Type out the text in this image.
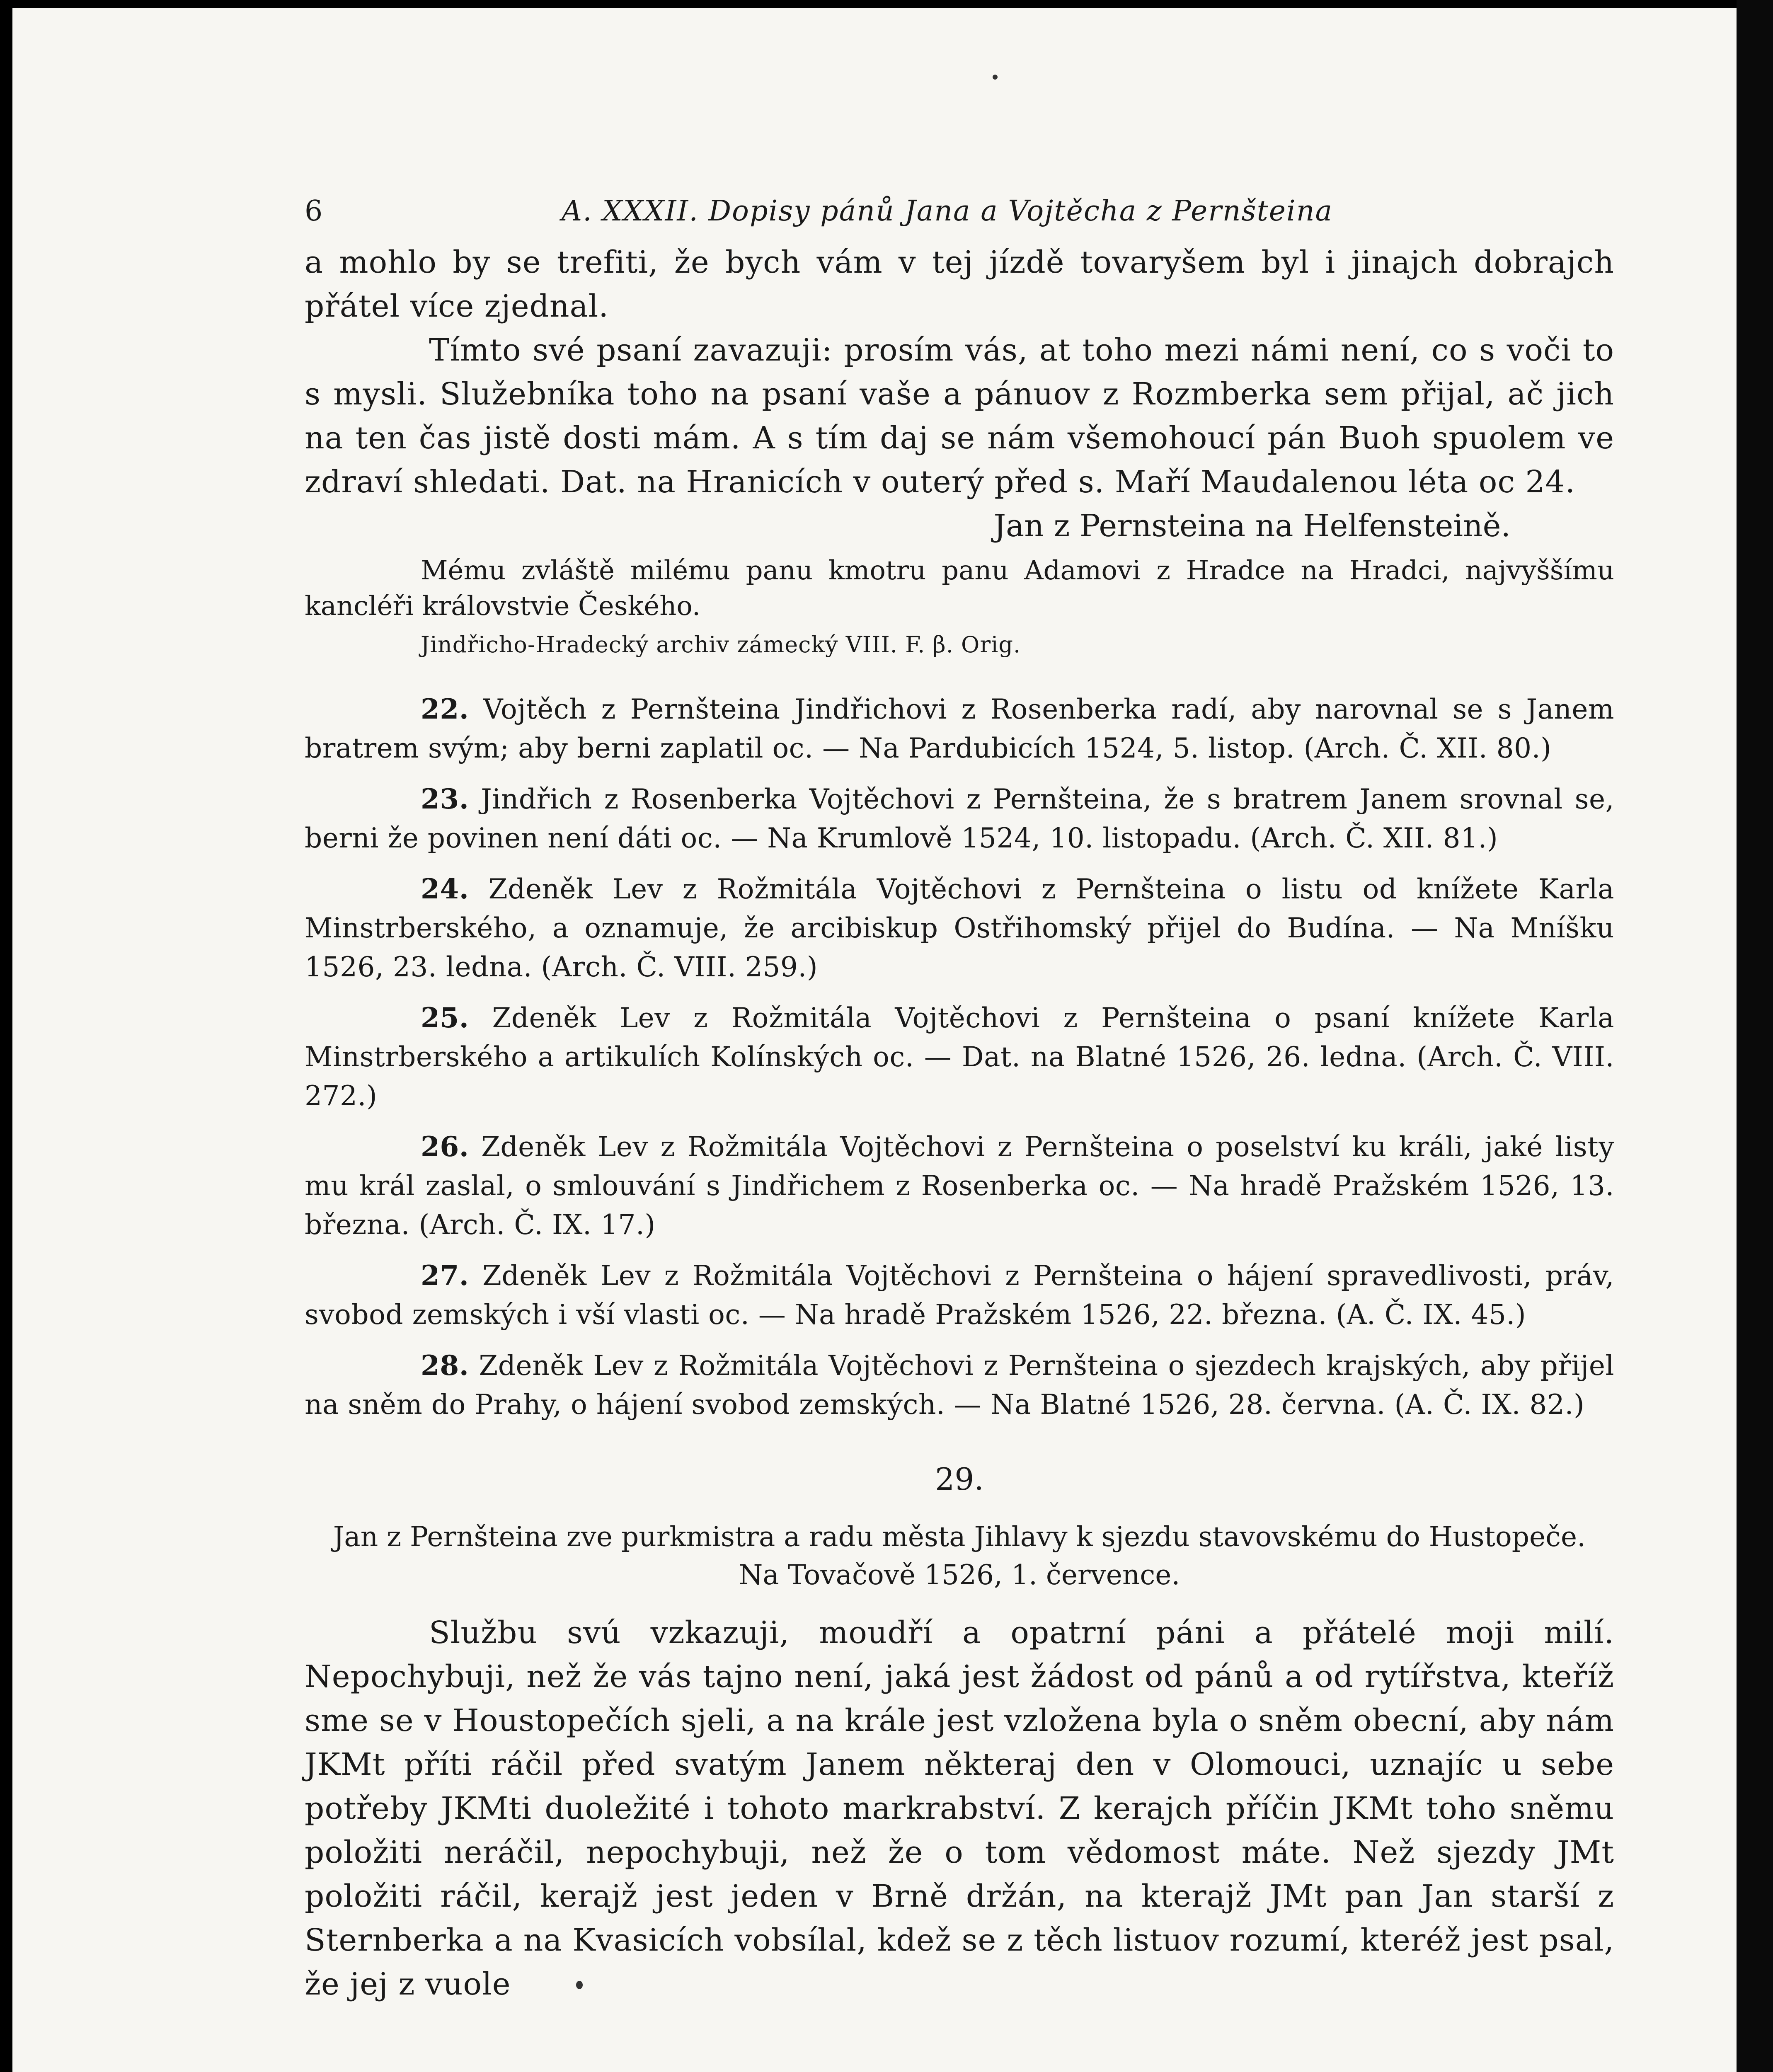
6	A. XXXII. Dopisy pánů Jana a Vojtěcha z Pernšteina

a mohlo by se trefiti, že bych vám v tej jízdě tovaryšem byl i jinajch dobrajch přátel více zjednal.

Tímto své psaní zavazuji: prosím vás, at toho mezi námi není, co s voči to s mysli. Služebníka toho na psaní vaše a pánuov z Rozmberka sem přijal, ač jich na ten čas jistě dosti mám. A s tím daj se nám všemohoucí pán Buoh spuolem ve zdraví shledati. Dat. na Hranicích v outerý před s. Maří Maudalenou léta oc 24.

Jan z Pernsteina na Helfensteině.

Mému zvláště milému panu kmotru panu Adamovi z Hradce na Hradci, najvyššímu kancléři královstvie Českého.

Jindřicho-Hradecký archiv zámecký VIII. F. β. Orig.

22. Vojtěch z Pernšteina Jindřichovi z Rosenberka radí, aby narovnal se s Janem bratrem svým; aby berni zaplatil oc. — Na Pardubicích 1524, 5. listop. (Arch. Č. XII. 80.)

23. Jindřich z Rosenberka Vojtěchovi z Pernšteina, že s bratrem Janem srovnal se, berni že povinen není dáti oc. — Na Krumlově 1524, 10. listopadu. (Arch. Č. XII. 81.)

24. Zdeněk Lev z Rožmitála Vojtěchovi z Pernšteina o listu od knížete Karla Minstrberského, a oznamuje, že arcibiskup Ostřihomský přijel do Budína. — Na Mníšku 1526, 23. ledna. (Arch. Č. VIII. 259.)

25. Zdeněk Lev z Rožmitála Vojtěchovi z Pernšteina o psaní knížete Karla Minstrberského a artikulích Kolínských oc. — Dat. na Blatné 1526, 26. ledna. (Arch. Č. VIII. 272.)

26. Zdeněk Lev z Rožmitála Vojtěchovi z Pernšteina o poselství ku králi, jaké listy mu král zaslal, o smlouvání s Jindřichem z Rosenberka oc. — Na hradě Pražském 1526, 13. března. (Arch. Č. IX. 17.)

27. Zdeněk Lev z Rožmitála Vojtěchovi z Pernšteina o hájení spravedlivosti, práv, svobod zemských i vší vlasti oc. — Na hradě Pražském 1526, 22. března. (A. Č. IX. 45.)

28. Zdeněk Lev z Rožmitála Vojtěchovi z Pernšteina o sjezdech krajských, aby přijel na sněm do Prahy, o hájení svobod zemských. — Na Blatné 1526, 28. června. (A. Č. IX. 82.)

29.

Jan z Pernšteina zve purkmistra a radu města Jihlavy k sjezdu stavovskému do Hustopeče.

Na Tovačově 1526, 1. července.

Službu svú vzkazuji, moudří a opatrní páni a přátelé moji milí. Nepochybuji, než že vás tajno není, jaká jest žádost od pánů a od rytířstva, kteříž sme se v Houstopečích sjeli, a na krále jest vzložena byla o sněm obecní, aby nám JKMt příti ráčil před svatým Janem některaj den v Olomouci, uznajíc u sebe potřeby JKMti duoležité i tohoto markrabství. Z kerajch příčin JKMt toho sněmu položiti neráčil, nepochybuji, než že o tom vědomost máte. Než sjezdy JMt položiti ráčil, kerajž jest jeden v Brně držán, na kterajž JMt pan Jan starší z Sternberka a na Kvasicích vobsílal, kdež se z těch listuov rozumí, kteréž jest psal, že jej z vuole
